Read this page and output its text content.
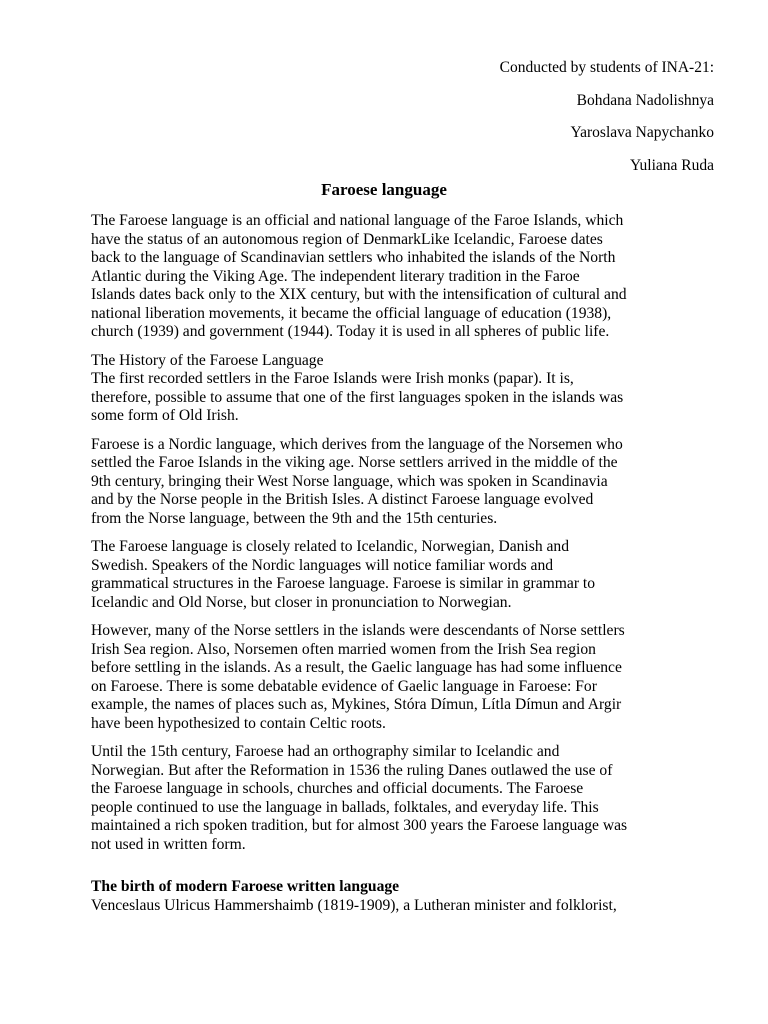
Conducted by students of INA-21:
Bohdana Nadolishnya
Yaroslava Napychanko
Yuliana Ruda
Faroese language

The Faroese language is an official and national language of the Faroe Islands, which
have the status of an autonomous region of DenmarkLike Icelandic, Faroese dates
back to the language of Scandinavian settlers who inhabited the islands of the North
Atlantic during the Viking Age. The independent literary tradition in the Faroe
Islands dates back only to the XIX century, but with the intensification of cultural and
national liberation movements, it became the official language of education (1938),
church (1939) and government (1944). Today it is used in all spheres of public life.

The History of the Faroese Language
The first recorded settlers in the Faroe Islands were Irish monks (papar). It is,
therefore, possible to assume that one of the first languages spoken in the islands was
some form of Old Irish.

Faroese is a Nordic language, which derives from the language of the Norsemen who
settled the Faroe Islands in the viking age. Norse settlers arrived in the middle of the
9th century, bringing their West Norse language, which was spoken in Scandinavia
and by the Norse people in the British Isles. A distinct Faroese language evolved
from the Norse language, between the 9th and the 15th centuries.

The Faroese language is closely related to Icelandic, Norwegian, Danish and
Swedish. Speakers of the Nordic languages will notice familiar words and
grammatical structures in the Faroese language. Faroese is similar in grammar to
Icelandic and Old Norse, but closer in pronunciation to Norwegian.

However, many of the Norse settlers in the islands were descendants of Norse settlers
Irish Sea region. Also, Norsemen often married women from the Irish Sea region
before settling in the islands. As a result, the Gaelic language has had some influence
on Faroese. There is some debatable evidence of Gaelic language in Faroese: For
example, the names of places such as, Mykines, Stóra Dímun, Lítla Dímun and Argir
have been hypothesized to contain Celtic roots.

Until the 15th century, Faroese had an orthography similar to Icelandic and
Norwegian. But after the Reformation in 1536 the ruling Danes outlawed the use of
the Faroese language in schools, churches and official documents. The Faroese
people continued to use the language in ballads, folktales, and everyday life. This
maintained a rich spoken tradition, but for almost 300 years the Faroese language was
not used in written form.

The birth of modern Faroese written language
Venceslaus Ulricus Hammershaimb (1819-1909), a Lutheran minister and folklorist,
